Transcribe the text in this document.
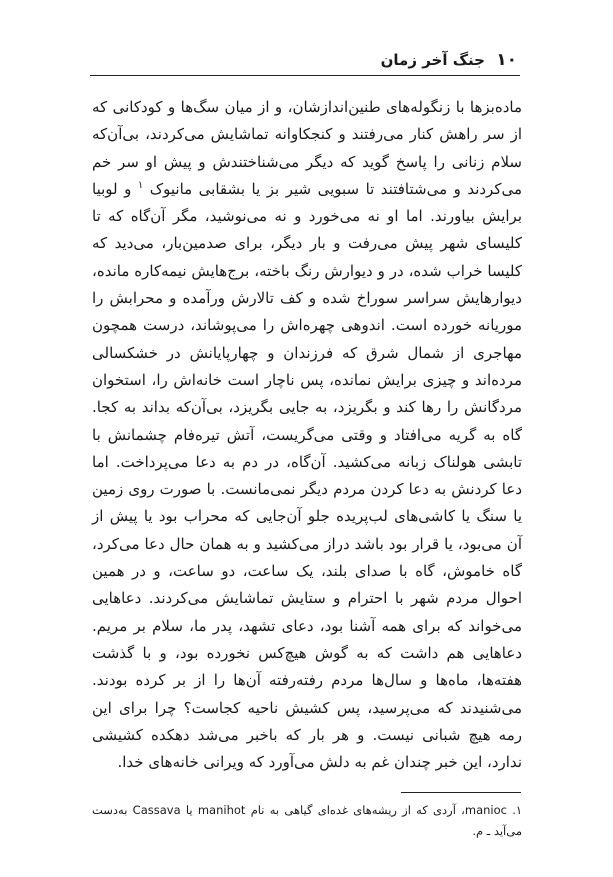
۱۰ جنگ آخر زمان

ماده‌بزها با زنگوله‌های طنین‌اندازشان، و از میان سگ‌ها و کودکانی که از سر راهش کنار می‌رفتند و کنجکاوانه تماشایش می‌کردند، بی‌آن‌که سلام زنانی را پاسخ گوید که دیگر می‌شناختندش و پیش او سر خم می‌کردند و می‌شتافتند تا سبویی شیر بز یا بشقابی مانیوک $^۱$ و لوبیا برایش بیاورند. اما او نه می‌خورد و نه می‌نوشید، مگر آن‌گاه که تا کلیسای شهر پیش می‌رفت و بار دیگر، برای صدمین‌بار، می‌دید که کلیسا خراب شده، در و دیوارش رنگ باخته، برج‌هایش نیمه‌کاره مانده، دیوارهایش سراسر سوراخ شده و کف تالارش ورآمده و محرابش را موریانه خورده است. اندوهی چهره‌اش را می‌پوشاند، درست همچون مهاجری از شمال شرق که فرزندان و چهارپایانش در خشکسالی مرده‌اند و چیزی برایش نمانده، پس ناچار است خانه‌اش را، استخوان مردگانش را رها کند و بگریزد، به جایی بگریزد، بی‌آن‌که بداند به کجا. گاه به گریه می‌افتاد و وقتی می‌گریست، آتش تیره‌فام چشمانش با تابشی هولناک زبانه می‌کشید. آن‌گاه، در دم به دعا می‌پرداخت. اما دعا کردنش به دعا کردن مردم دیگر نمی‌مانست. با صورت روی زمین یا سنگ یا کاشی‌های لب‌پریده جلو آن‌جایی که محراب بود یا پیش از آن می‌بود، یا قرار بود باشد دراز می‌کشید و به همان حال دعا می‌کرد، گاه خاموش، گاه با صدای بلند، یک ساعت، دو ساعت، و در همین احوال مردم شهر با احترام و ستایش تماشایش می‌کردند. دعاهایی می‌خواند که برای همه آشنا بود، دعای تشهد، پدر ما، سلام بر مریم. دعاهایی هم داشت که به گوش هیچ‌کس نخورده بود، و با گذشت هفته‌ها، ماه‌ها و سال‌ها مردم رفته‌رفته آن‌ها را از بر کرده بودند. می‌شنیدند که می‌پرسید، پس کشیش ناحیه کجاست؟ چرا برای این رمه هیچ شبانی نیست. و هر بار که باخبر می‌شد دهکده کشیشی ندارد، این خبر چندان غم به دلش می‌آورد که ویرانی خانه‌های خدا.

۱. manioc، آردی که از ریشه‌های غده‌ای گیاهی به نام manihot یا Cassava به‌دست می‌آید ـ م.
